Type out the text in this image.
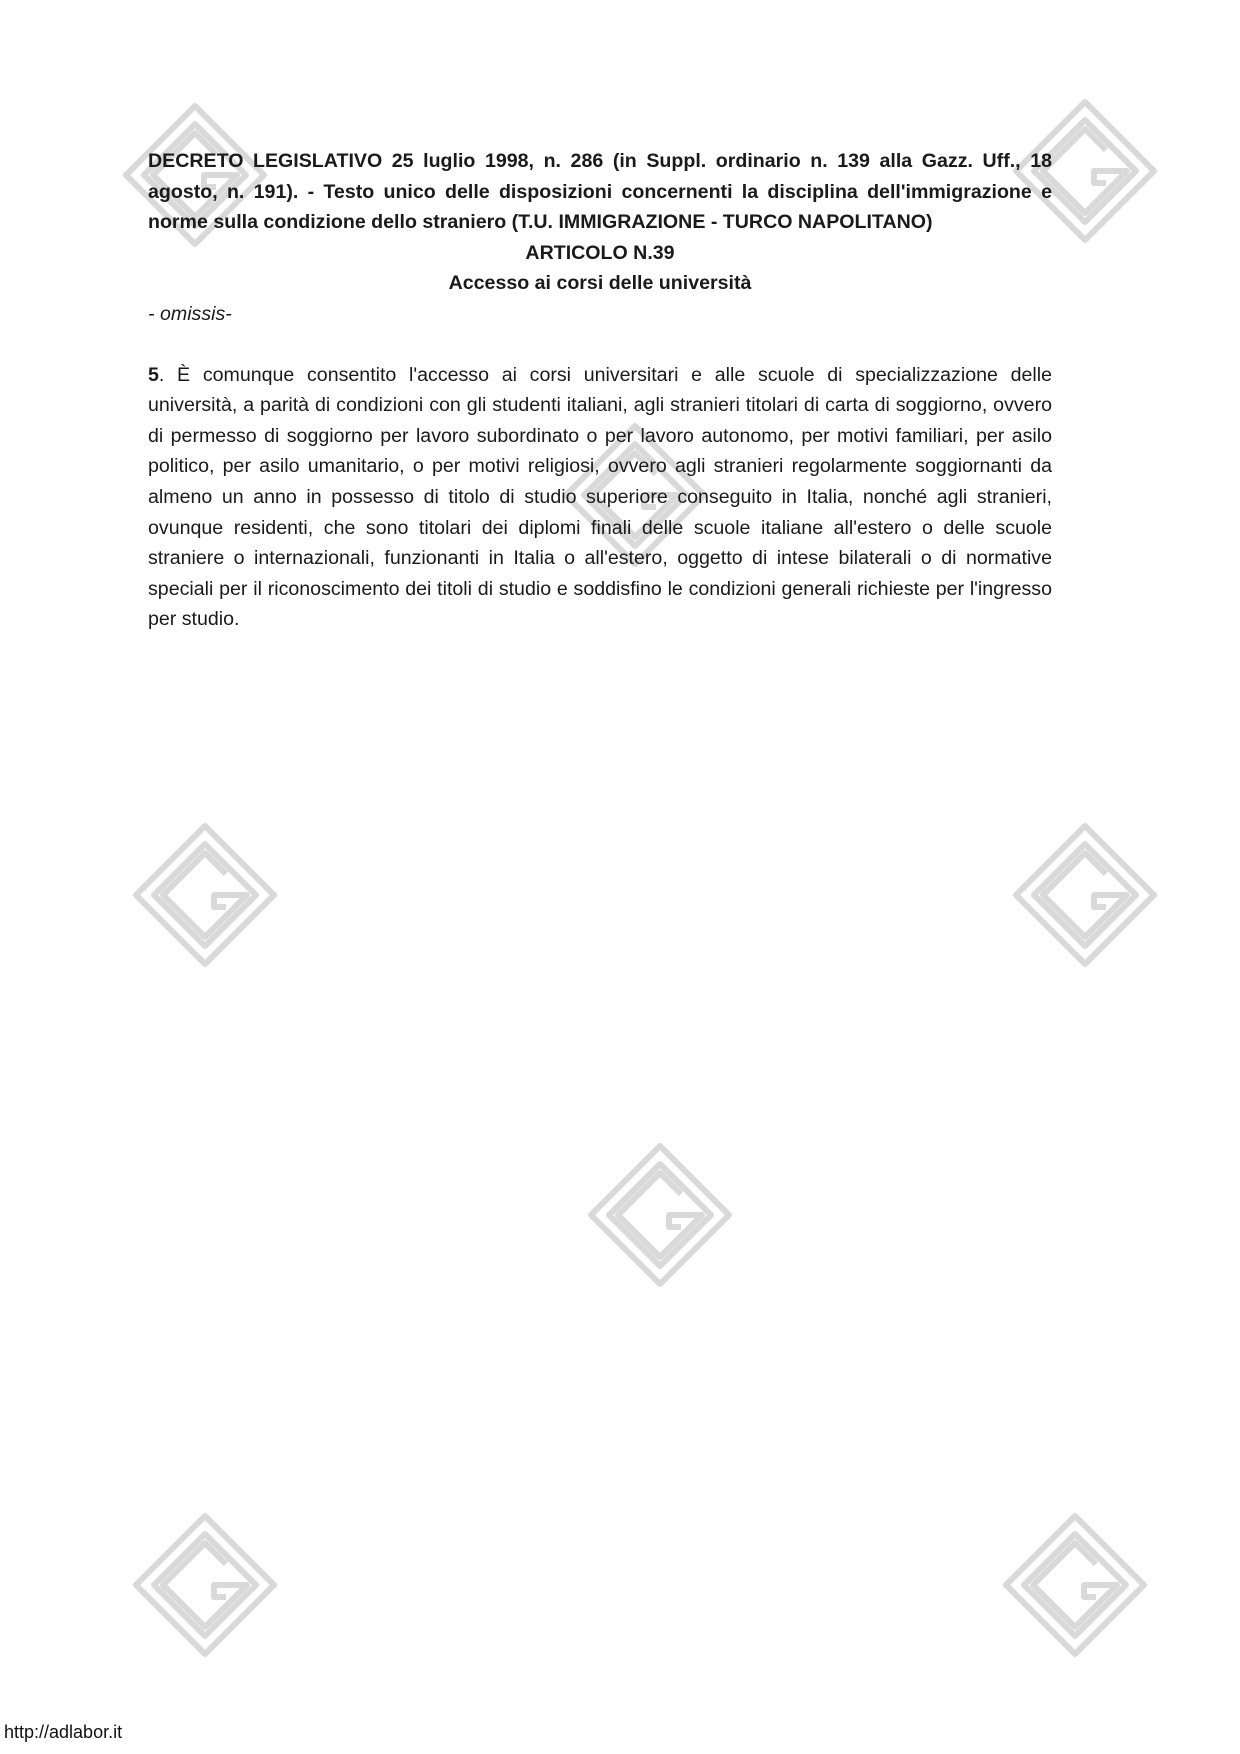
DECRETO LEGISLATIVO 25 luglio 1998, n. 286 (in Suppl. ordinario n. 139 alla Gazz. Uff., 18 agosto, n. 191). - Testo unico delle disposizioni concernenti la disciplina dell'immigrazione e norme sulla condizione dello straniero (T.U. IMMIGRAZIONE - TURCO NAPOLITANO)

ARTICOLO N.39

Accesso ai corsi delle università

- omissis-

5. È comunque consentito l'accesso ai corsi universitari e alle scuole di specializzazione delle università, a parità di condizioni con gli studenti italiani, agli stranieri titolari di carta di soggiorno, ovvero di permesso di soggiorno per lavoro subordinato o per lavoro autonomo, per motivi familiari, per asilo politico, per asilo umanitario, o per motivi religiosi, ovvero agli stranieri regolarmente soggiornanti da almeno un anno in possesso di titolo di studio superiore conseguito in Italia, nonché agli stranieri, ovunque residenti, che sono titolari dei diplomi finali delle scuole italiane all'estero o delle scuole straniere o internazionali, funzionanti in Italia o all'estero, oggetto di intese bilaterali o di normative speciali per il riconoscimento dei titoli di studio e soddisfino le condizioni generali richieste per l'ingresso per studio.

http://adlabor.it
